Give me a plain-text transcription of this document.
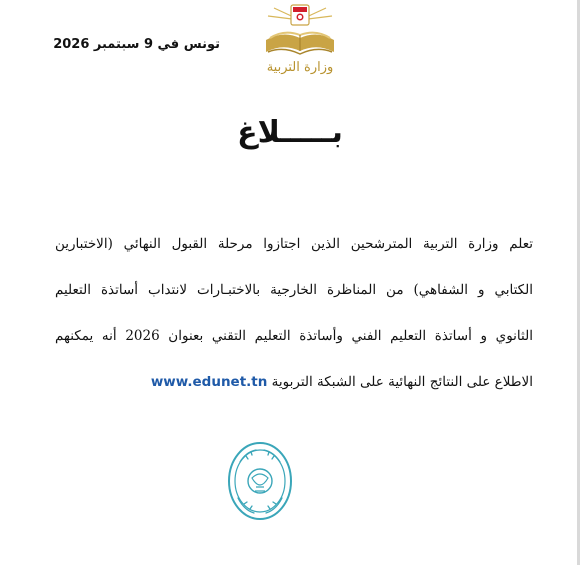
تونس في 9 سبتمبر 2026
وزارة التربية
بـــــلاغ
تعلم وزارة التربية المترشحين الذين اجتازوا مرحلة القبول النهائي (الاختبارين
الكتابي و الشفاهي) من المناظرة الخارجية بالاختبـارات لانتداب أساتذة التعليم
الثانوي و أساتذة التعليم الفني وأساتذة التعليم التقني بعنوان 2026 أنه يمكنهم
الاطلاع على النتائج النهائية على الشبكة التربوية www.edunet.tn
